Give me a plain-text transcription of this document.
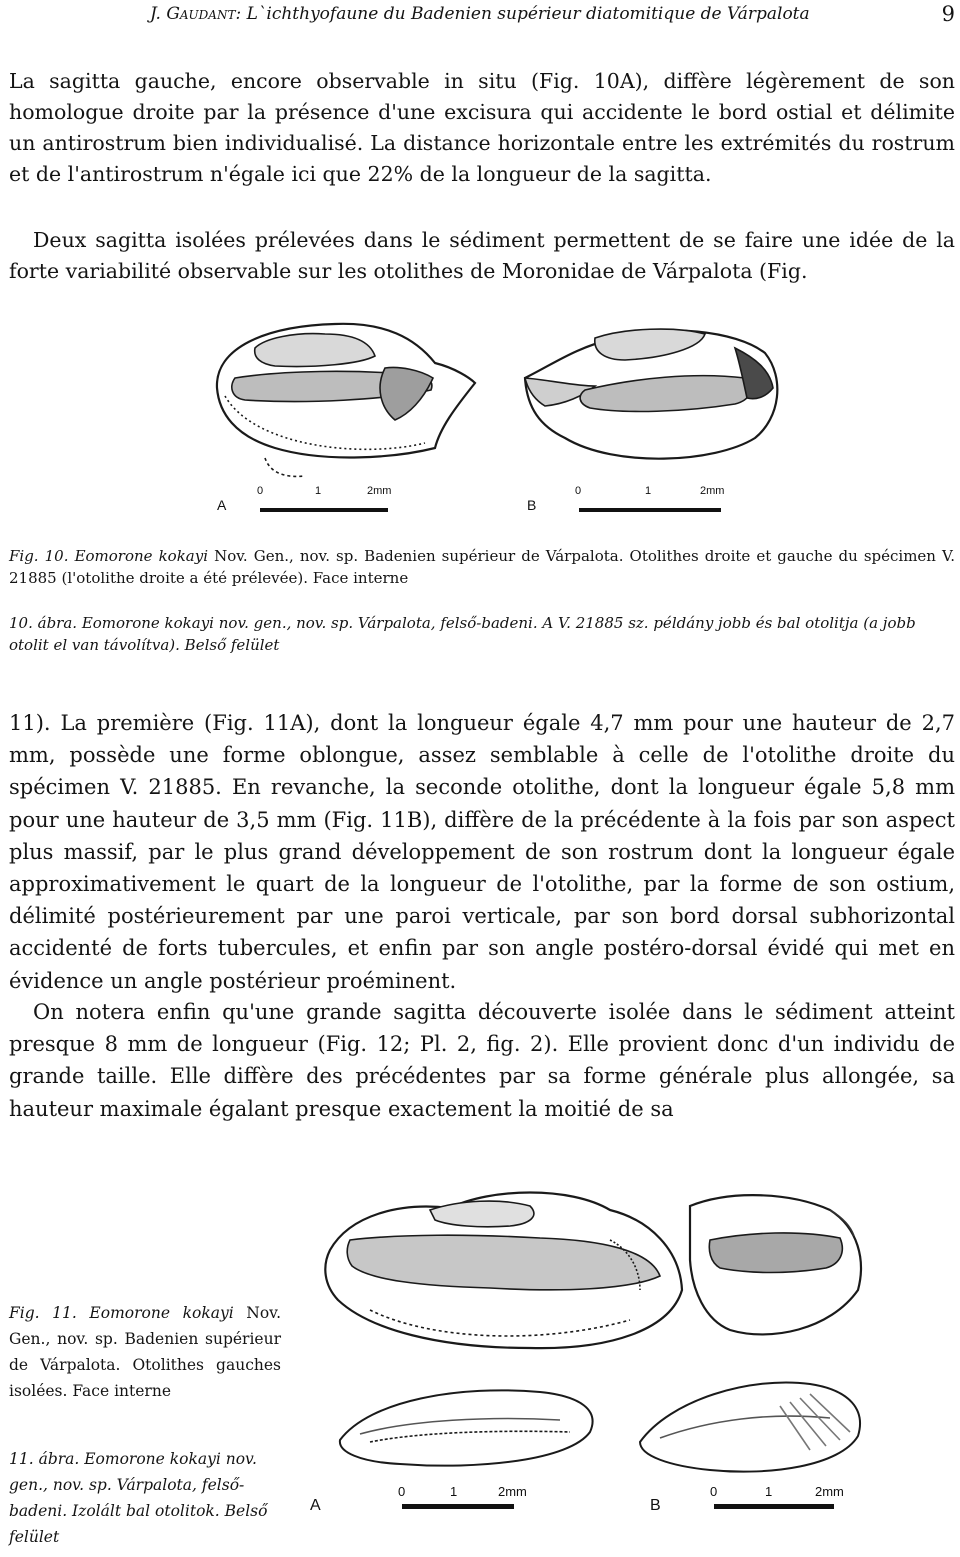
J. Gaudant: L`ichthyofaune du Badenien supérieur diatomitique de Várpalota	9

La sagitta gauche, encore observable in situ (Fig. 10A), diffère légèrement de son homologue droite par la présence d'une excisura qui accidente le bord ostial et délimite un antirostrum bien individualisé. La distance horizontale entre les extrémités du rostrum et de l'antirostrum n'égale ici que 22% de la longueur de la sagitta.

Deux sagitta isolées prélevées dans le sédiment permettent de se faire une idée de la forte variabilité observable sur les otolithes de Moronidae de Várpalota (Fig.

A
0	1	2mm
B
0	1	2mm

Fig. 10. Eomorone kokayi Nov. Gen., nov. sp. Badenien supérieur de Várpalota. Otolithes droite et gauche du spécimen V. 21885 (l'otolithe droite a été prélevée). Face interne

10. ábra. Eomorone kokayi nov. gen., nov. sp. Várpalota, felső-badeni. A V. 21885 sz. példány jobb és bal otolitja (a jobb otolit el van távolítva). Belső felület

11). La première (Fig. 11A), dont la longueur égale 4,7 mm pour une hauteur de 2,7 mm, possède une forme oblongue, assez semblable à celle de l'otolithe droite du spécimen V. 21885. En revanche, la seconde otolithe, dont la longueur égale 5,8 mm pour une hauteur de 3,5 mm (Fig. 11B), diffère de la précédente à la fois par son aspect plus massif, par le plus grand développement de son rostrum dont la longueur égale approximativement le quart de la longueur de l'otolithe, par la forme de son ostium, délimité postérieurement par une paroi verticale, par son bord dorsal subhorizontal accidenté de forts tubercules, et enfin par son angle postéro-dorsal évidé qui met en évidence un angle postérieur proéminent.

On notera enfin qu'une grande sagitta découverte isolée dans le sédiment atteint presque 8 mm de longueur (Fig. 12; Pl. 2, fig. 2). Elle provient donc d'un individu de grande taille. Elle diffère des précédentes par sa forme générale plus allongée, sa hauteur maximale égalant presque exactement la moitié de sa

A
0	1	2mm
B
0	1	2mm

Fig. 11. Eomorone kokayi Nov. Gen., nov. sp. Badenien supérieur de Várpalota. Otolithes gauches isolées. Face interne

11. ábra. Eomorone kokayi nov. gen., nov. sp. Várpalota, felső-badeni. Izolált bal otolitok. Belső felület
